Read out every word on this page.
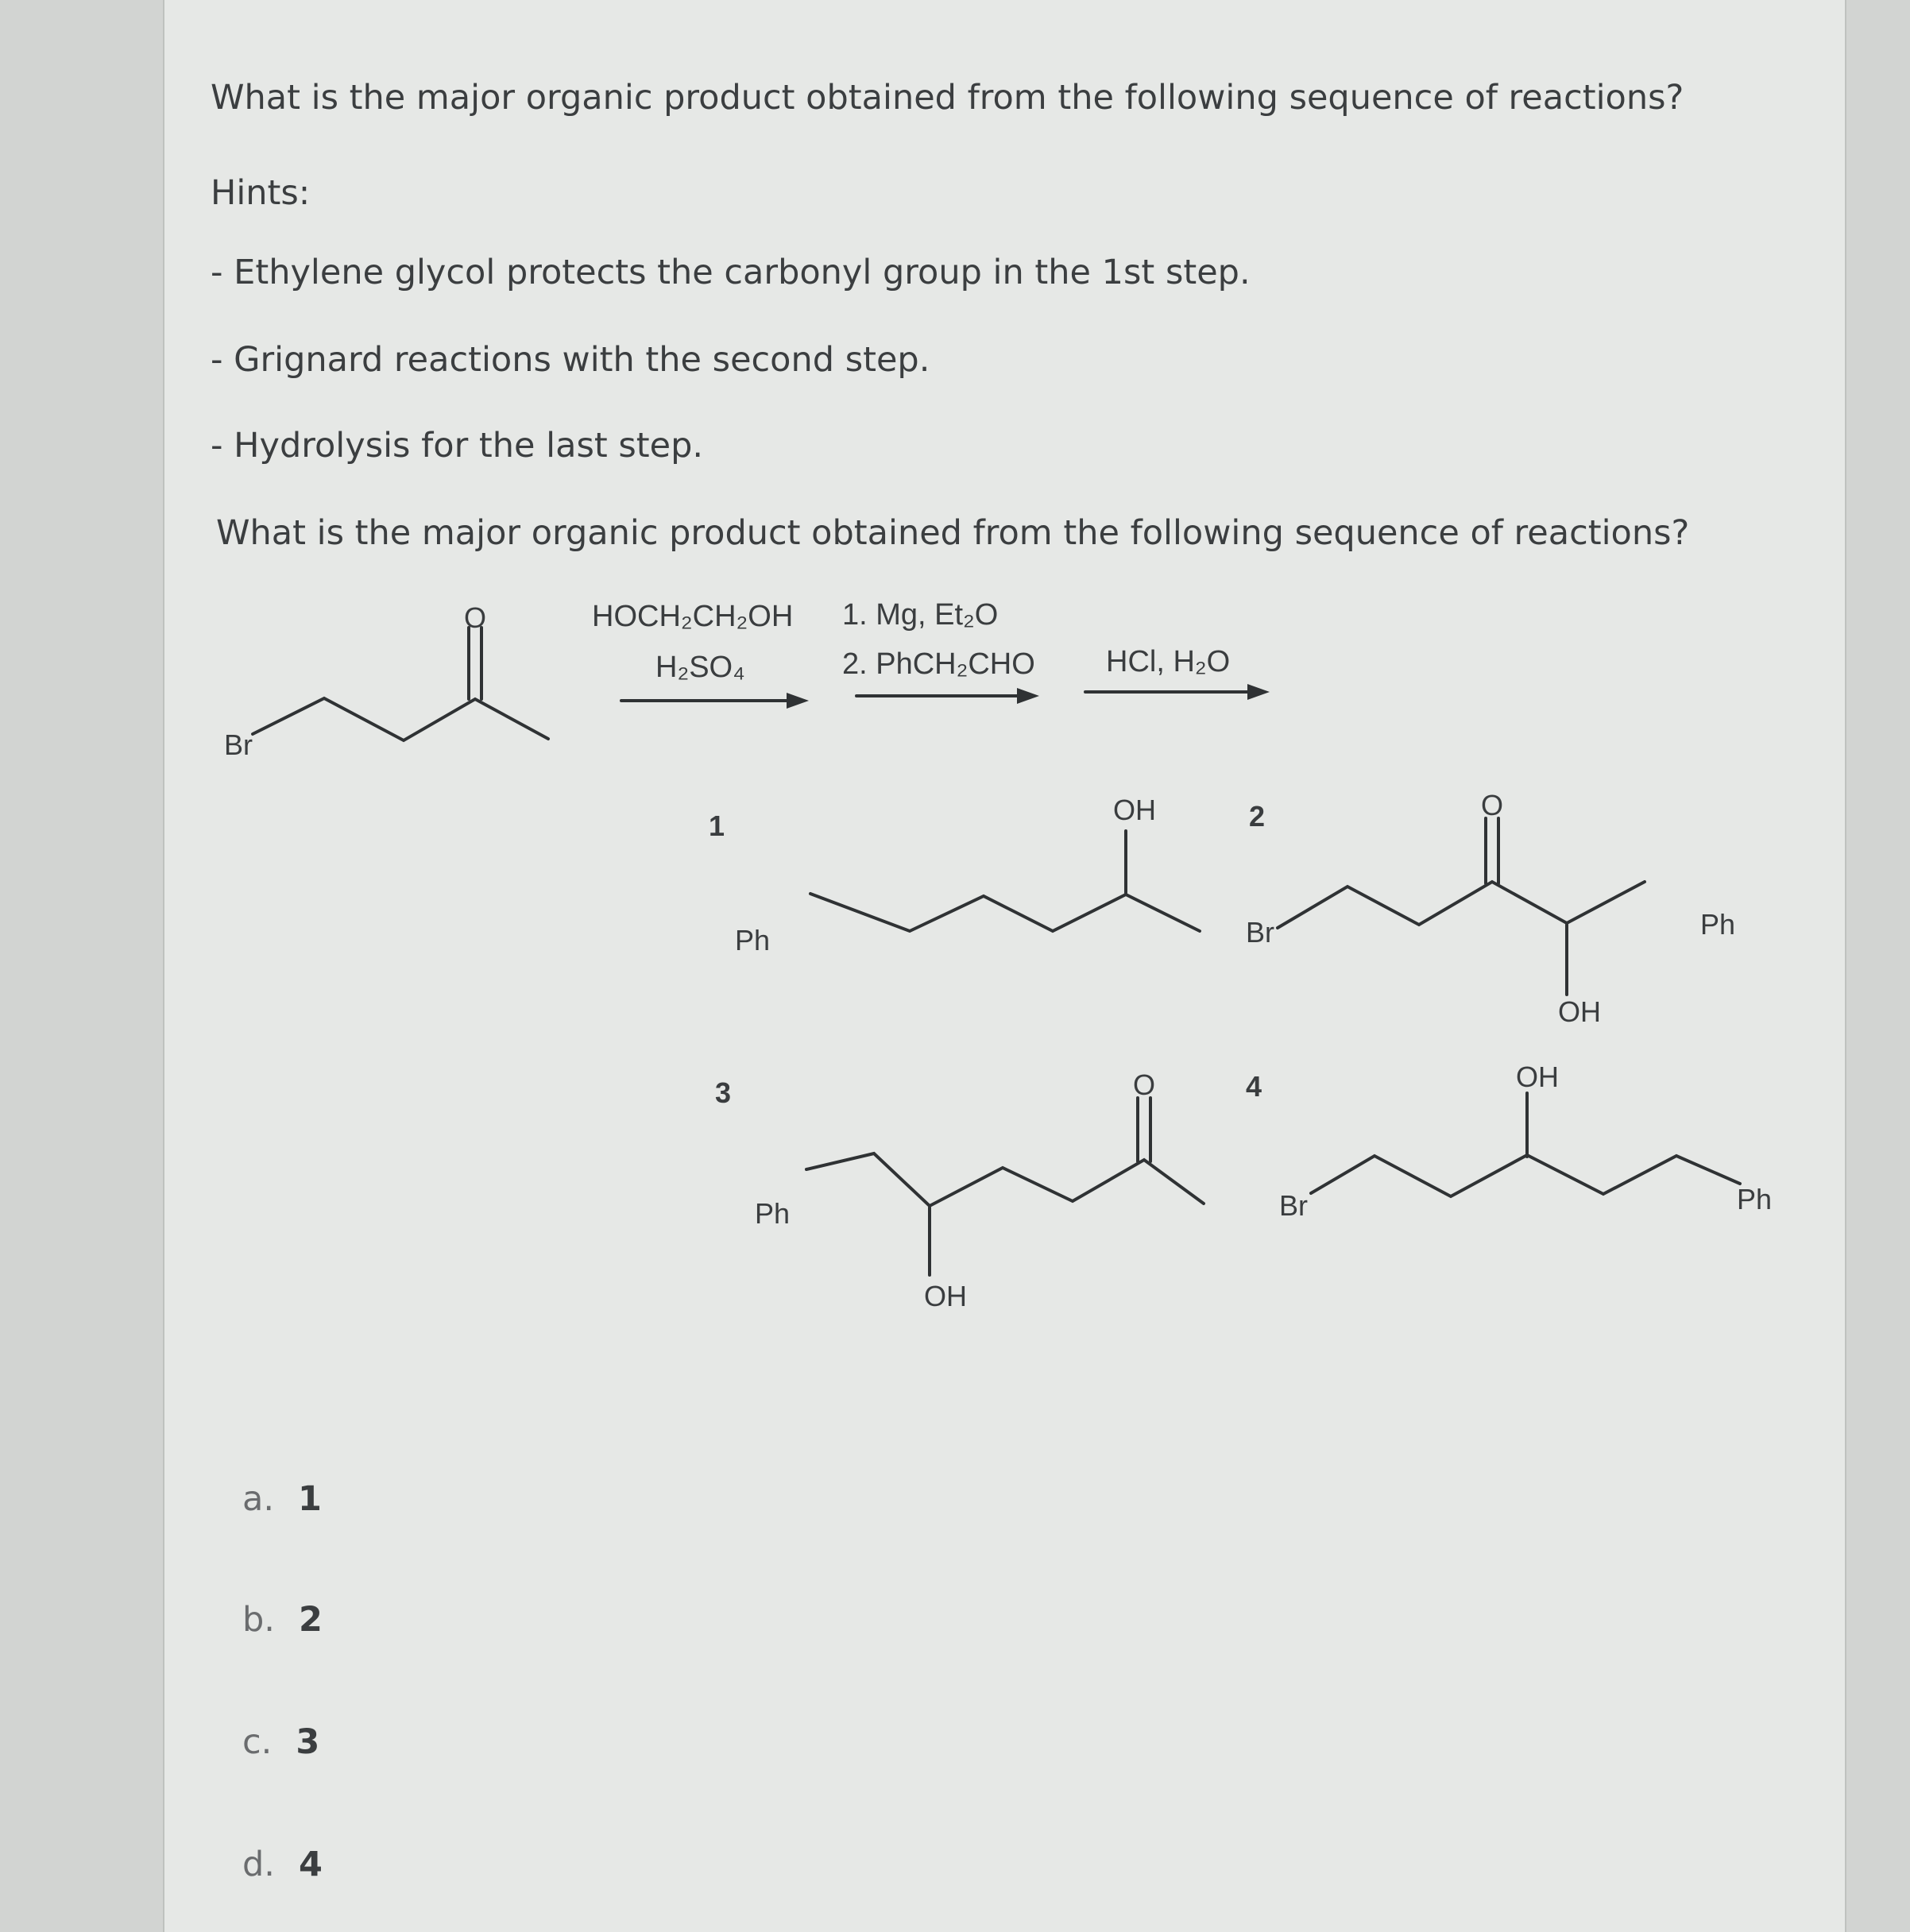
What is the major organic product obtained from the following sequence of reactions?
Hints:
- Ethylene glycol protects the carbonyl group in the 1st step.
- Grignard reactions with the second step.
- Hydrolysis for the last step.
What is the major organic product obtained from the following sequence of reactions?
Br
O	HOCH₂CH₂OH
H₂SO₄
1. Mg, Et₂O
2. PhCH₂CHO HCl, H₂O
1
Ph
OH	2
Br
O
OH
Ph
3
Ph
O
OH
4
Br
OH
Ph
a. 1
b. 2
c. 3
d. 4
